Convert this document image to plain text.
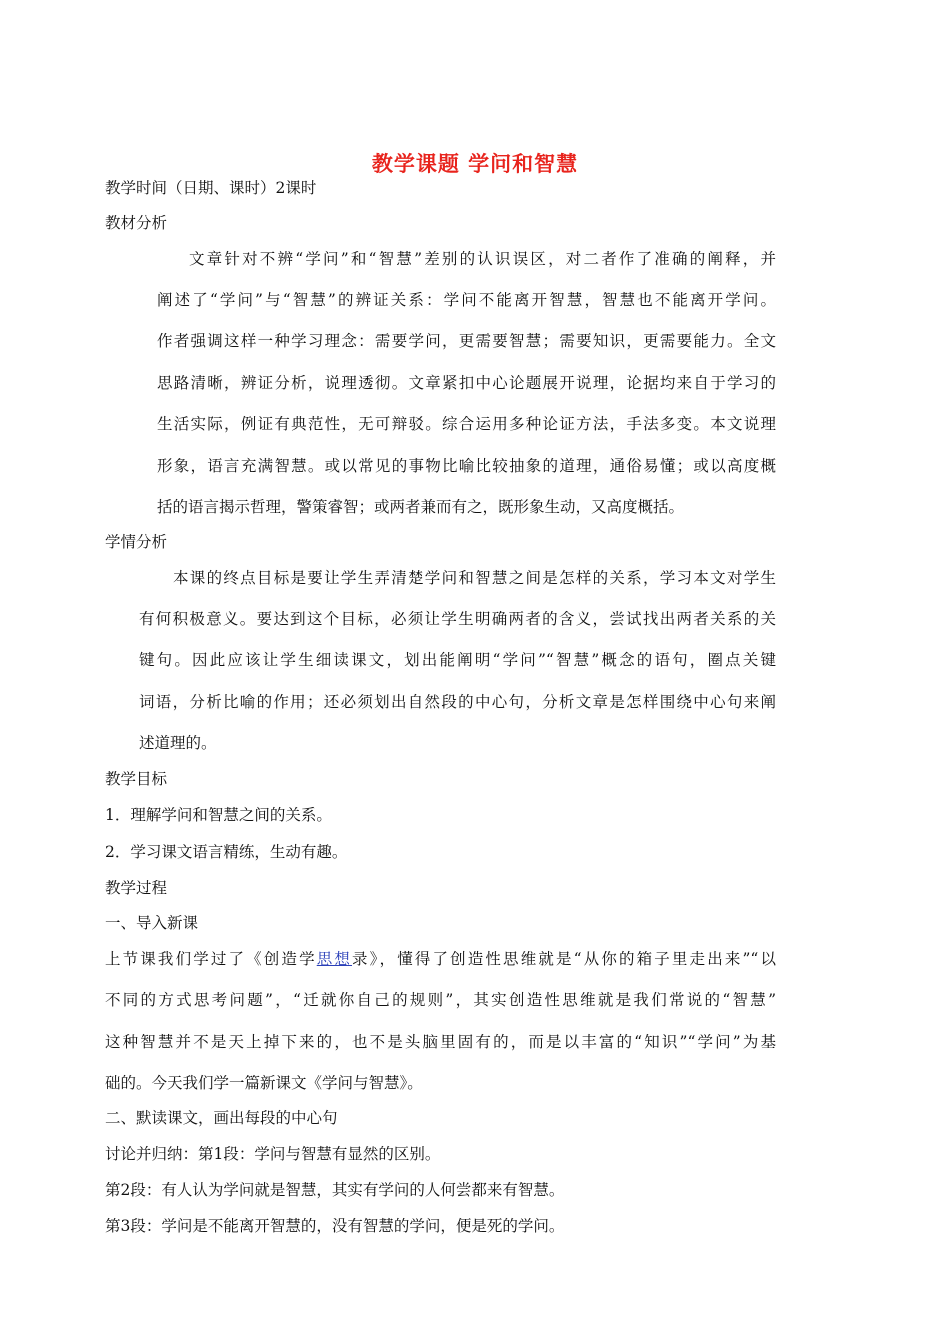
教学课题 学问和智慧
教学时间（日期、课时）2课时
教材分析
文章针对不辨“学问”和“智慧”差别的认识误区，对二者作了准确的阐释，并
阐述了“学问”与“智慧”的辨证关系：学问不能离开智慧，智慧也不能离开学问。
作者强调这样一种学习理念：需要学问，更需要智慧；需要知识，更需要能力。全文
思路清晰，辨证分析，说理透彻。文章紧扣中心论题展开说理，论据均来自于学习的
生活实际，例证有典范性，无可辩驳。综合运用多种论证方法，手法多变。本文说理
形象，语言充满智慧。或以常见的事物比喻比较抽象的道理，通俗易懂；或以高度概
括的语言揭示哲理，警策睿智；或两者兼而有之，既形象生动，又高度概括。
学情分析
本课的终点目标是要让学生弄清楚学问和智慧之间是怎样的关系，学习本文对学生
有何积极意义。要达到这个目标，必须让学生明确两者的含义，尝试找出两者关系的关
键句。因此应该让学生细读课文，划出能阐明“学问”“智慧”概念的语句，圈点关键
词语，分析比喻的作用；还必须划出自然段的中心句，分析文章是怎样围绕中心句来阐
述道理的。
教学目标
1．理解学问和智慧之间的关系。
2．学习课文语言精练，生动有趣。
教学过程
一、导入新课
上节课我们学过了《创造学思想录》，懂得了创造性思维就是“从你的箱子里走出来”“以
不同的方式思考问题”，“迁就你自己的规则”，其实创造性思维就是我们常说的“智慧”
这种智慧并不是天上掉下来的，也不是头脑里固有的，而是以丰富的“知识”“学问”为基
础的。今天我们学一篇新课文《学问与智慧》。
二、默读课文，画出每段的中心句
讨论并归纳：第1段：学问与智慧有显然的区别。
第2段：有人认为学问就是智慧，其实有学问的人何尝都来有智慧。
第3段：学问是不能离开智慧的，没有智慧的学问，便是死的学问。
